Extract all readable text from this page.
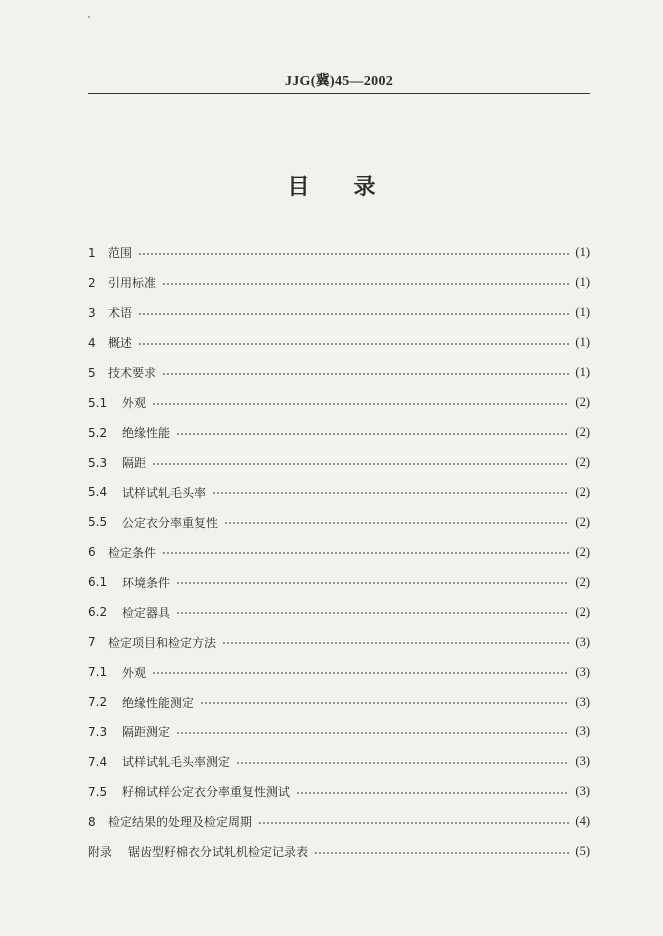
JJG(冀)45—2002
目 录
1	范围	(1)
2	引用标准	(1)
3	术语	(1)
4	概述	(1)
5	技术要求	(1)
5.1	外观	(2)
5.2	绝缘性能	(2)
5.3	隔距	(2)
5.4	试样试轧毛头率	(2)
5.5	公定衣分率重复性	(2)
6	检定条件	(2)
6.1	环境条件	(2)
6.2	检定器具	(2)
7	检定项目和检定方法	(3)
7.1	外观	(3)
7.2	绝缘性能测定	(3)
7.3	隔距测定	(3)
7.4	试样试轧毛头率测定	(3)
7.5	籽棉试样公定衣分率重复性测试	(3)
8	检定结果的处理及检定周期	(4)
附录	锯齿型籽棉衣分试轧机检定记录表	(5)
